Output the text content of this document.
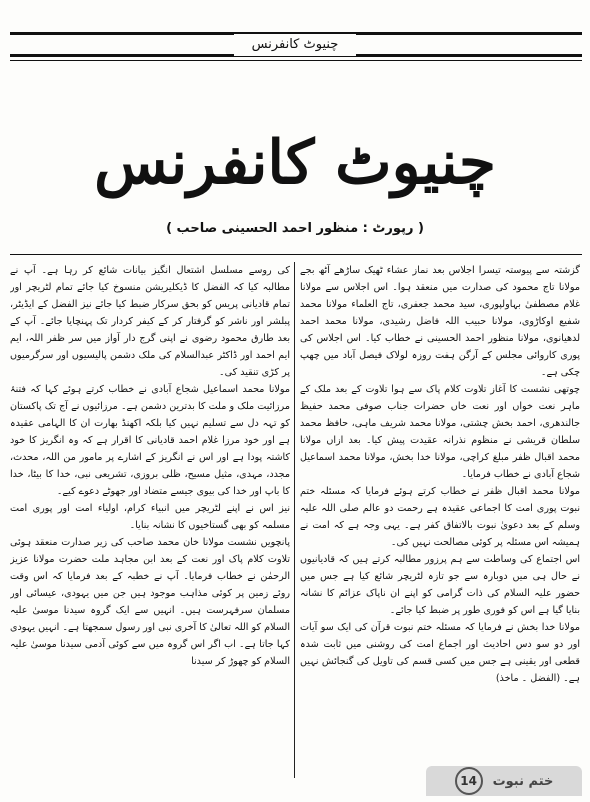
چنیوٹ کانفرنس
چنیوٹ کانفرنس
( رپورٹ : منظور احمد الحسینی صاحب )

گزشتہ سے پیوستہ تیسرا اجلاس بعد نماز عشاء ٹھیک ساڑھے آٹھ بجے مولانا تاج محمود کی صدارت میں منعقد ہوا۔ اس اجلاس سے مولانا غلام مصطفیٰ بہاولپوری، سید محمد جعفری، تاج العلماء مولانا محمد شفیع اوکاڑوی، مولانا حبیب اللہ فاضل رشیدی، مولانا محمد احمد لدھیانوی، مولانا منظور احمد الحسینی نے خطاب کیا۔ اس اجلاس کی پوری کاروائی مجلس کے آرگن ہفت روزہ لولاک فیصل آباد میں چھپ چکی ہے۔

چوتھی نشست کا آغاز تلاوت کلام پاک سے ہوا تلاوت کے بعد ملک کے ماہر نعت خواں اور نعت خاں حضرات جناب صوفی محمد حفیظ جالندھری، احمد بخش چشتی، مولانا محمد شریف ماہی، حافظ محمد سلطان قریشی نے منظوم نذرانہ عقیدت پیش کیا۔ بعد ازاں مولانا محمد اقبال ظفر مبلغ کراچی، مولانا خدا بخش، مولانا محمد اسماعیل شجاع آبادی نے خطاب فرمایا۔

مولانا محمد اقبال ظفر نے خطاب کرتے ہوئے فرمایا کہ مسئلہ ختم نبوت پوری امت کا اجماعی عقیدہ ہے رحمت دو عالم صلی اللہ علیہ وسلم کے بعد دعویٰ نبوت بالاتفاق کفر ہے۔ یہی وجہ ہے کہ امت نے ہمیشہ اس مسئلہ پر کوئی مصالحت نہیں کی۔

اس اجتماع کی وساطت سے ہم پرزور مطالبہ کرتے ہیں کہ قادیانیوں نے حال ہی میں دوبارہ سے جو تازہ لٹریچر شائع کیا ہے جس میں حضور علیہ السلام کی ذات گرامی کو اپنے ان ناپاک عزائم کا نشانہ بنایا گیا ہے اس کو فوری طور پر ضبط کیا جائے۔

مولانا خدا بخش نے فرمایا کہ مسئلہ ختم نبوت قرآن کی ایک سو آیات اور دو سو دس احادیث اور اجماع امت کی روشنی میں ثابت شدہ قطعی اور یقینی ہے جس میں کسی قسم کی تاویل کی گنجائش نہیں ہے۔ (الفضل ۔ ماخذ)

کی روسے مسلسل اشتعال انگیز بیانات شائع کر رہا ہے۔ آپ نے مطالبہ کیا کہ الفضل کا ڈیکلیریشن منسوخ کیا جائے تمام لٹریچر اور تمام قادیانی پریس کو بحق سرکار ضبط کیا جائے نیز الفضل کے ایڈیٹر، پبلشر اور ناشر کو گرفتار کر کے کیفر کردار تک پہنچایا جائے۔ آپ کے بعد طارق محمود رضوی نے اپنی گرج دار آواز میں سر ظفر اللہ، ایم ایم احمد اور ڈاکٹر عبدالسلام کی ملک دشمن پالیسیوں اور سرگرمیوں پر کڑی تنقید کی۔

مولانا محمد اسماعیل شجاع آبادی نے خطاب کرتے ہوئے کہا کہ فتنۂ مرزائیت ملک و ملت کا بدترین دشمن ہے۔ مرزائیوں نے آج تک پاکستان کو تہہ دل سے تسلیم نہیں کیا بلکہ اکھنڈ بھارت ان کا الہامی عقیدہ ہے اور خود مرزا غلام احمد قادیانی کا اقرار ہے کہ وہ انگریز کا خود کاشتہ پودا ہے اور اس نے انگریز کے اشارے پر مامور من اللہ، محدث، مجدد، مہدی، مثیل مسیح، ظلی بروزی، تشریعی نبی، خدا کا بیٹا، خدا کا باپ اور خدا کی بیوی جیسے متضاد اور جھوٹے دعوے کیے۔

نیز اس نے اپنے لٹریچر میں انبیاء کرام، اولیاء امت اور پوری امت مسلمہ کو بھی گستاخیوں کا نشانہ بنایا۔

پانچویں نشست مولانا خان محمد صاحب کی زیر صدارت منعقد ہوئی تلاوت کلام پاک اور نعت کے بعد ابن مجاہد ملت حضرت مولانا عزیز الرحمٰن نے خطاب فرمایا۔ آپ نے خطبہ کے بعد فرمایا کہ اس وقت روئے زمین پر کوئی مذاہب موجود ہیں جن میں یہودی، عیسائی اور مسلمان سرفہرست ہیں۔ انہیں سے ایک گروہ سیدنا موسیٰ علیہ السلام کو اللہ تعالیٰ کا آخری نبی اور رسول سمجھتا ہے۔ انہیں یہودی کہا جاتا ہے۔ اب اگر اس گروہ میں سے کوئی آدمی سیدنا موسیٰ علیہ السلام کو چھوڑ کر سیدنا

ختم نبوت
14
